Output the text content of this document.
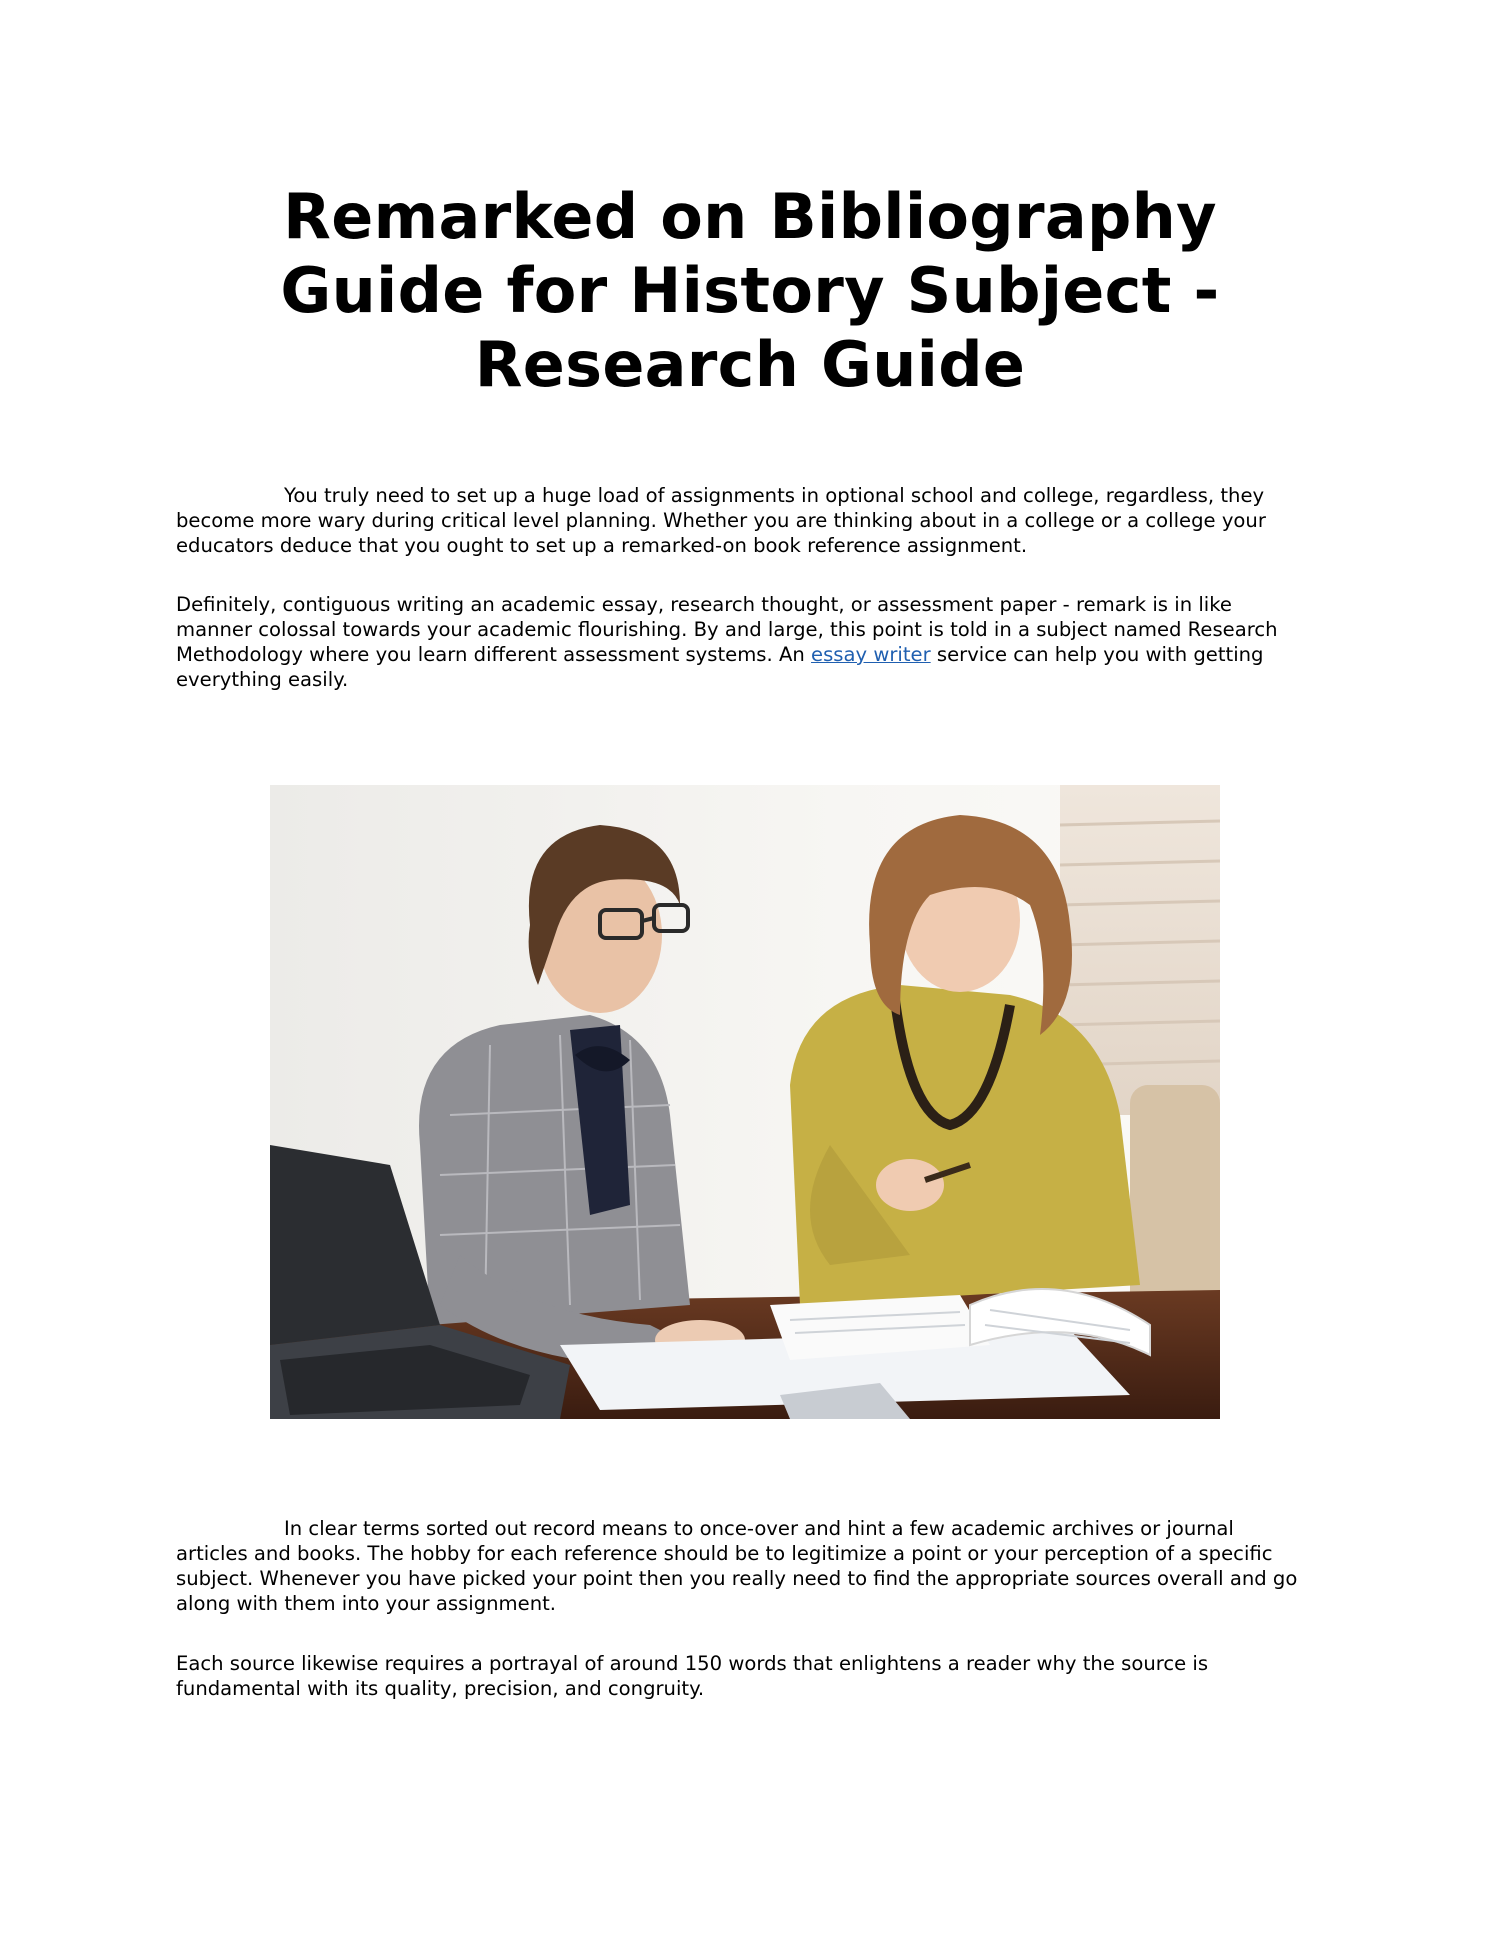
Remarked on Bibliography Guide for History Subject - Research Guide

You truly need to set up a huge load of assignments in optional school and college, regardless, they become more wary during critical level planning. Whether you are thinking about in a college or a college your educators deduce that you ought to set up a remarked-on book reference assignment.

Definitely, contiguous writing an academic essay, research thought, or assessment paper - remark is in like manner colossal towards your academic flourishing. By and large, this point is told in a subject named Research Methodology where you learn different assessment systems. An essay writer service can help you with getting everything easily.

In clear terms sorted out record means to once-over and hint a few academic archives or journal articles and books. The hobby for each reference should be to legitimize a point or your perception of a specific subject. Whenever you have picked your point then you really need to find the appropriate sources overall and go along with them into your assignment.

Each source likewise requires a portrayal of around 150 words that enlightens a reader why the source is fundamental with its quality, precision, and congruity.
